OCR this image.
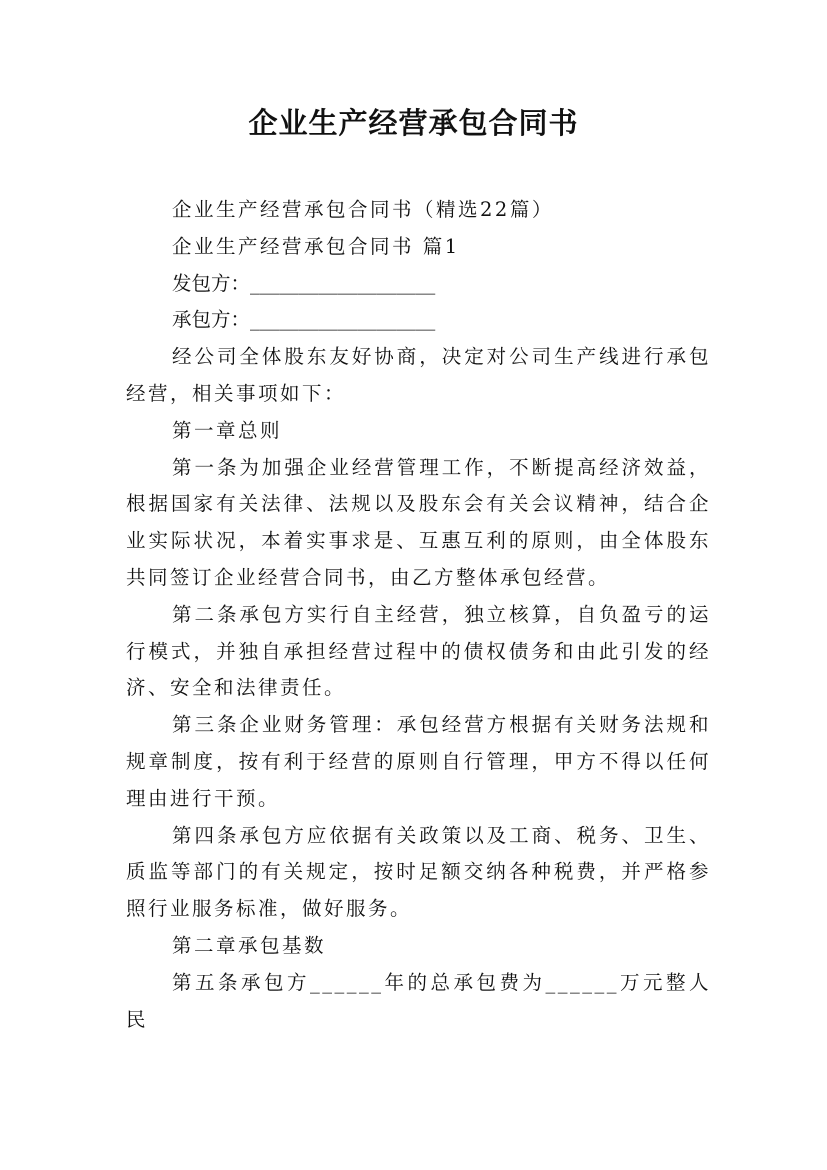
企业生产经营承包合同书

企业生产经营承包合同书（精选22篇）

企业生产经营承包合同书 篇1

发包方：___________________

承包方：___________________

经公司全体股东友好协商，决定对公司生产线进行承包经营，相关事项如下：

第一章总则

第一条为加强企业经营管理工作，不断提高经济效益，根据国家有关法律、法规以及股东会有关会议精神，结合企业实际状况，本着实事求是、互惠互利的原则，由全体股东共同签订企业经营合同书，由乙方整体承包经营。

第二条承包方实行自主经营，独立核算，自负盈亏的运行模式，并独自承担经营过程中的债权债务和由此引发的经济、安全和法律责任。

第三条企业财务管理：承包经营方根据有关财务法规和规章制度，按有利于经营的原则自行管理，甲方不得以任何理由进行干预。

第四条承包方应依据有关政策以及工商、税务、卫生、质监等部门的有关规定，按时足额交纳各种税费，并严格参照行业服务标准，做好服务。

第二章承包基数

第五条承包方______年的总承包费为______万元整人民
